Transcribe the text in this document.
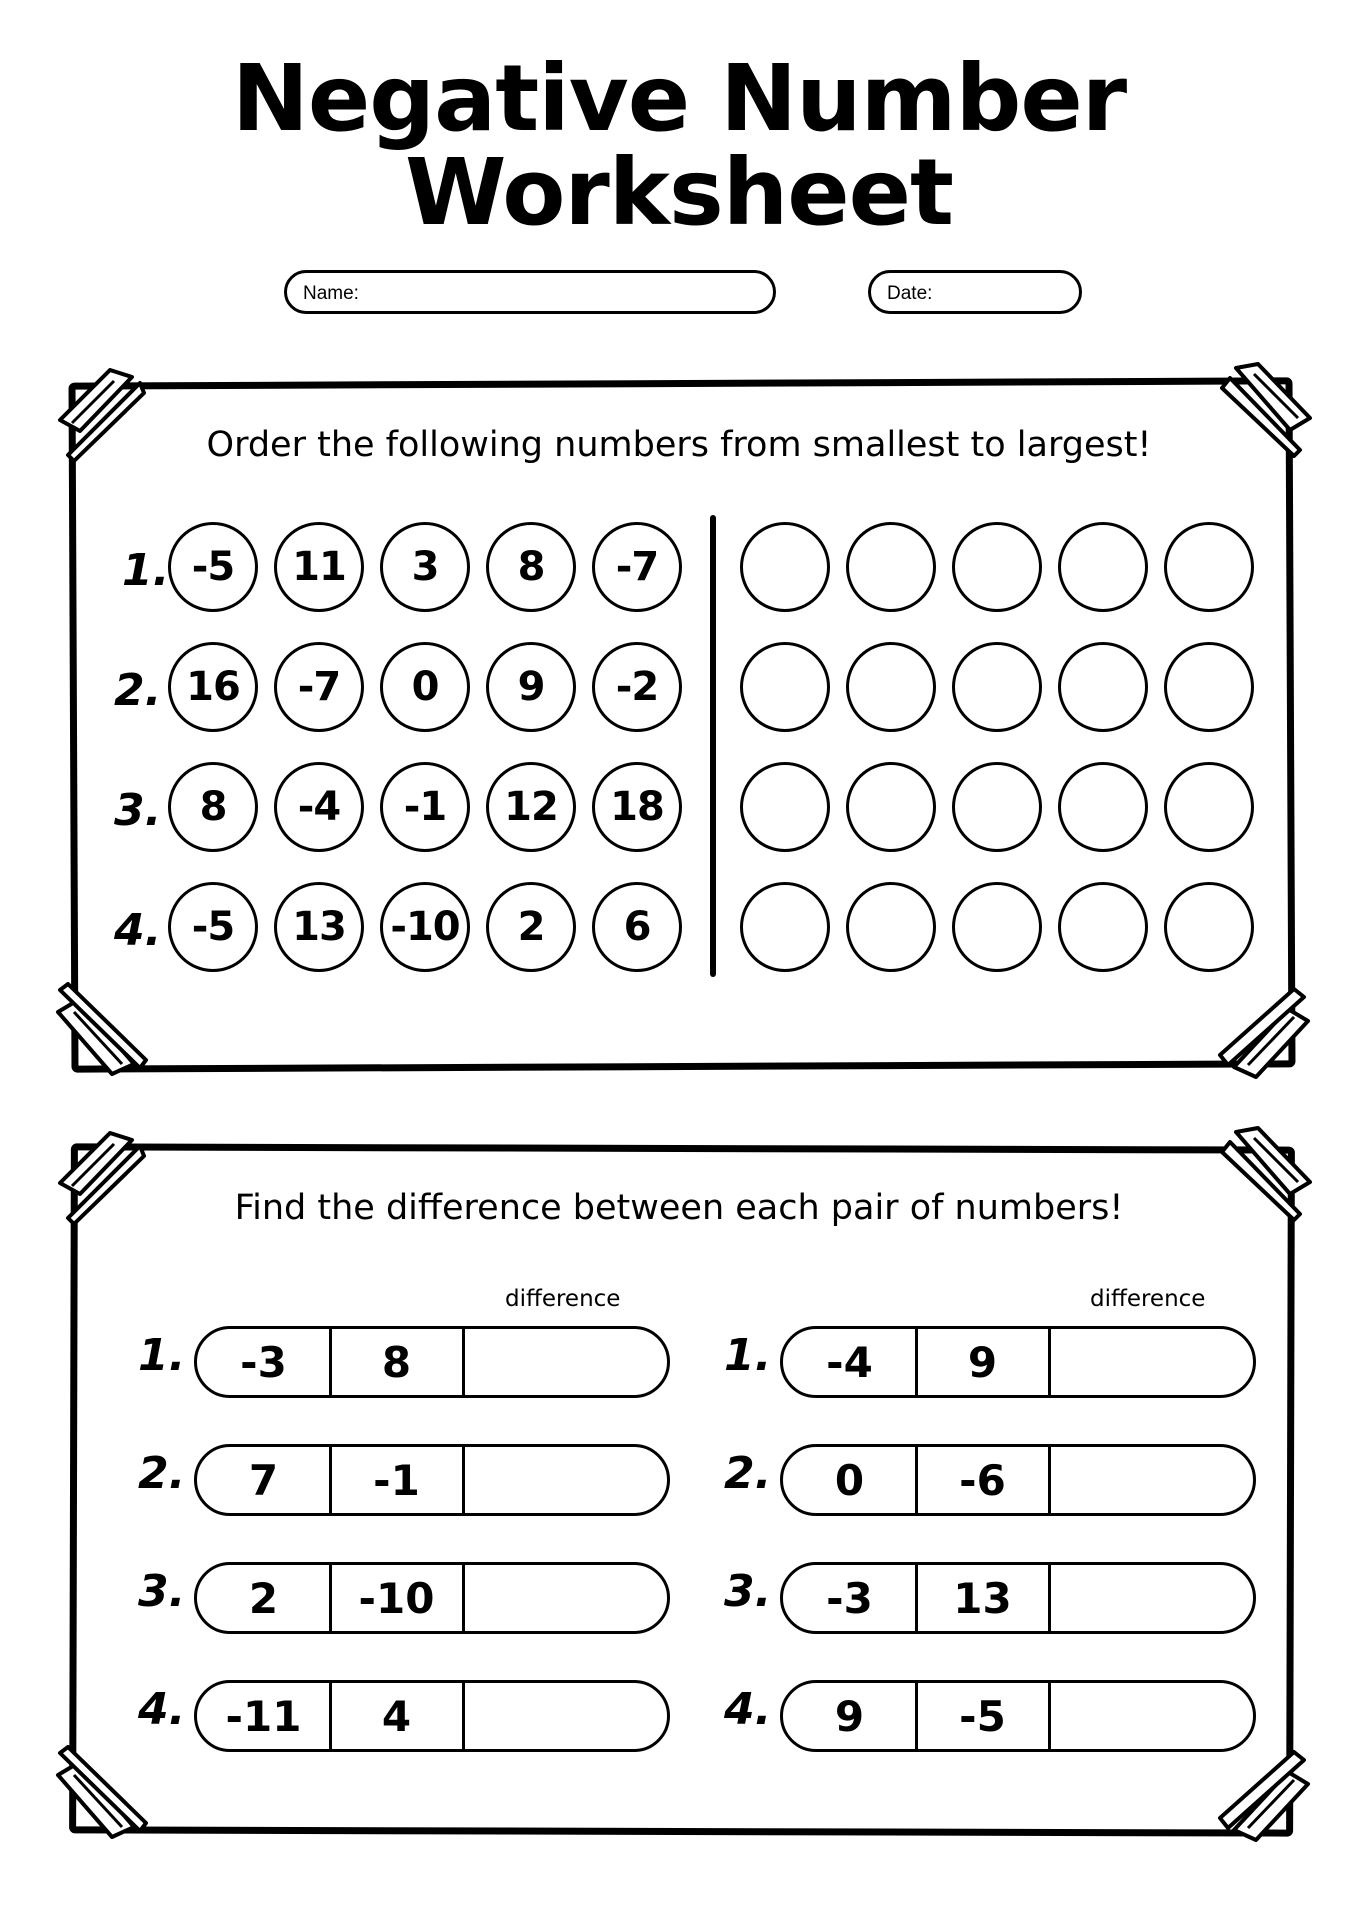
Negative Number
Worksheet
Name:	Date:
Order the following numbers from smallest to largest!
1.
2.
3.
4.
-5	11	3	8	-7
16	-7	0	9	-2
8	-4	-1	12	18
-5	13	-10	2	6
Find the difference between each pair of numbers!
difference	difference
1.	-3	8
2.	7	-1
3.	2	-10
4. -11	4
1.	-4	9
2.	0	-6
3.	-3	13
4.	9	-5
